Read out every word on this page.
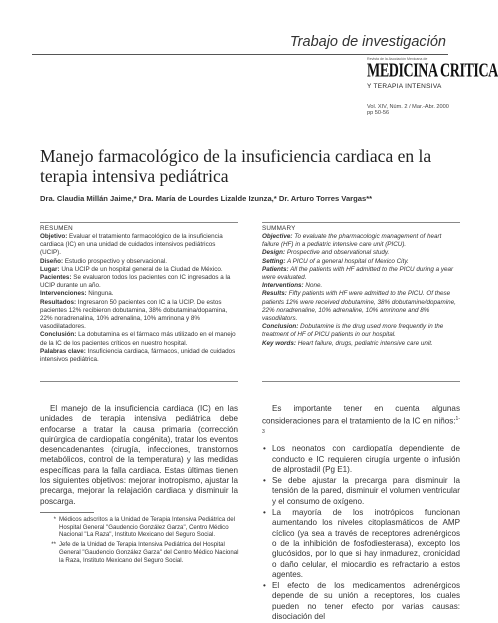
Trabajo de investigación
Revista de la Asociación Mexicana de
MEDICINA CRITICA
Y TERAPIA INTENSIVA
Vol. XIV, Núm. 2 / Mar.-Abr. 2000
pp 50-56
Manejo farmacológico de la insuficiencia cardiaca en la terapia intensiva pediátrica
Dra. Claudia Millán Jaime,* Dra. María de Lourdes Lizalde Izunza,* Dr. Arturo Torres Vargas**
RESUMEN
Objetivo: Evaluar el tratamiento farmacológico de la insuficiencia cardiaca (IC) en una unidad de cuidados intensivos pediátricos (UCIP).
Diseño: Estudio prospectivo y observacional.
Lugar: Una UCIP de un hospital general de la Ciudad de México.
Pacientes: Se evaluaron todos los pacientes con IC ingresados a la UCIP durante un año.
Intervenciones: Ninguna.
Resultados: Ingresaron 50 pacientes con IC a la UCIP. De estos pacientes 12% recibieron dobutamina, 38% dobutamina/dopamina, 22% noradrenalina, 10% adrenalina, 10% amrinona y 8% vasodilatadores.
Conclusión: La dobutamina es el fármaco más utilizado en el manejo de la IC de los pacientes críticos en nuestro hospital.
Palabras clave: Insuficiencia cardiaca, fármacos, unidad de cuidados intensivos pediátrica.
SUMMARY
Objective: To evaluate the pharmacologic management of heart failure (HF) in a pediatric intensive care unit (PICU).
Design: Prospective and observational study.
Setting: A PICU of a general hospital of Mexico City.
Patients: All the patients with HF admitted to the PICU during a year were evaluated.
Interventions: None.
Results: Fifty patients with HF were admitted to the PICU. Of these patients 12% were received dobutamine, 38% dobutamine/dopamine, 22% noradrenaline, 10% adrenaline, 10% amrinone and 8% vasodilators.
Conclusion: Dobutamine is the drug used more frequently in the treatment of HF of PICU patients in our hospital.
Key words: Heart failure, drugs, pediatric intensive care unit.

El manejo de la insuficiencia cardiaca (IC) en las unidades de terapia intensiva pediátrica debe enfocarse a tratar la causa primaria (corrección quirúrgica de cardiopatía congénita), tratar los eventos desencadenantes (cirugía, infecciones, transtornos metabólicos, control de la temperatura) y las medidas específicas para la falla cardiaca. Estas últimas tienen los siguientes objetivos: mejorar inotropismo, ajustar la precarga, mejorar la relajación cardiaca y disminuir la poscarga.

Es importante tener en cuenta algunas consideraciones para el tratamiento de la IC en niños:$^{1-3}$

• Los neonatos con cardiopatía dependiente de conducto e IC requieren cirugía urgente o infusión de alprostadil (Pg E1).
• Se debe ajustar la precarga para disminuir la tensión de la pared, disminuir el volumen ventricular y el consumo de oxígeno.
• La mayoría de los inotrópicos funcionan aumentando los niveles citoplasmáticos de AMP cíclico (ya sea a través de receptores adrenérgicos o de la inhibición de fosfodiesterasa), excepto los glucósidos, por lo que si hay inmadurez, cronicidad o daño celular, el miocardio es refractario a estos agentes.
• El efecto de los medicamentos adrenérgicos depende de su unión a receptores, los cuales pueden no tener efecto por varias causas: disociación del
* Médicos adscritos a la Unidad de Terapia Intensiva Pediátrica del Hospital General "Gaudencio González Garza", Centro Médico Nacional "La Raza", Instituto Mexicano del Seguro Social.
** Jefe de la Unidad de Terapia Intensiva Pediátrica del Hospital General "Gaudencio González Garza" del Centro Médico Nacional la Raza, Instituto Mexicano del Seguro Social.
